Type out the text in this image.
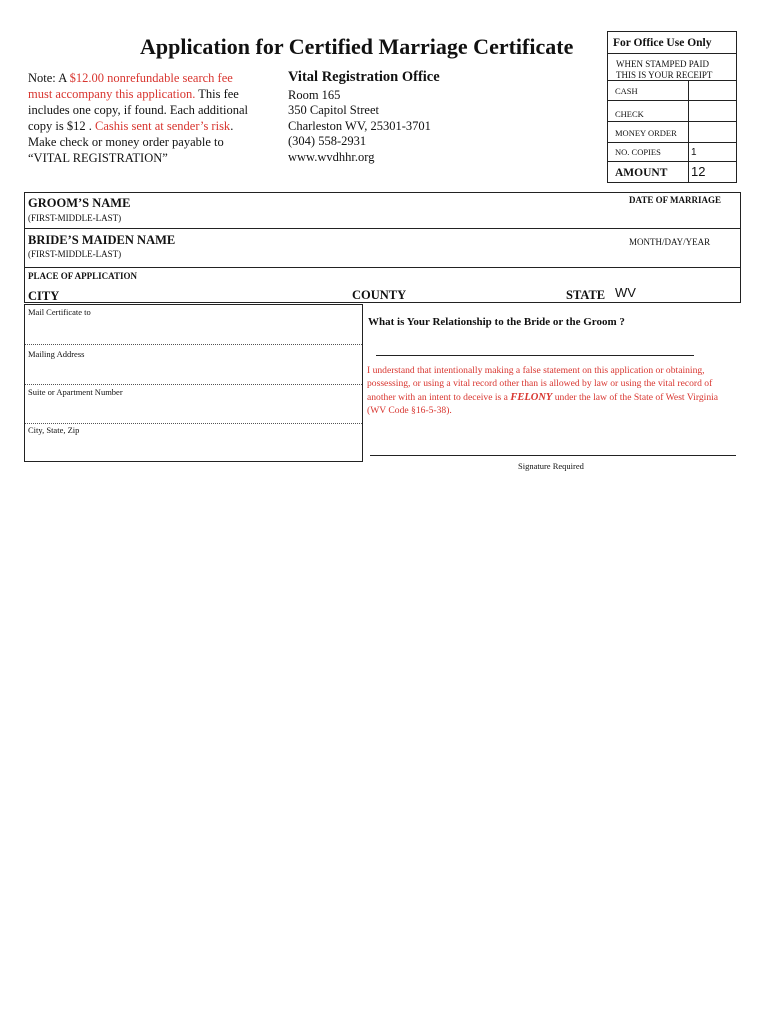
Application for Certified Marriage Certificate
Note: A $12.00 nonrefundable search fee
must accompany this application. This fee
includes one copy, if found. Each additional
copy is $12 . Cashis sent at sender’s risk.
Make check or money order payable to
“VITAL REGISTRATION”
Vital Registration Office
Room 165
350 Capitol Street
Charleston WV, 25301-3701
(304) 558-2931
www.wvdhhr.org
For Office Use Only
WHEN STAMPED PAID
THIS IS YOUR RECEIPT
CASH
CHECK
MONEY ORDER
NO. COPIES	1
AMOUNT 12
GROOM’S NAME
(FIRST-MIDDLE-LAST)
DATE OF MARRIAGE
BRIDE’S MAIDEN NAME
(FIRST-MIDDLE-LAST)
MONTH/DAY/YEAR
PLACE OF APPLICATION
CITY	COUNTY	STATE WV
Mail Certificate to
Mailing Address
Suite or Apartment Number
City, State, Zip
What is Your Relationship to the Bride or the Groom ?
I understand that intentionally making a false statement on this application or obtaining, possessing, or using a vital record other than is allowed by law or using the vital record of another with an intent to deceive is a FELONY under the law of the State of West Virginia (WV Code §16-5-38).
Signature Required
